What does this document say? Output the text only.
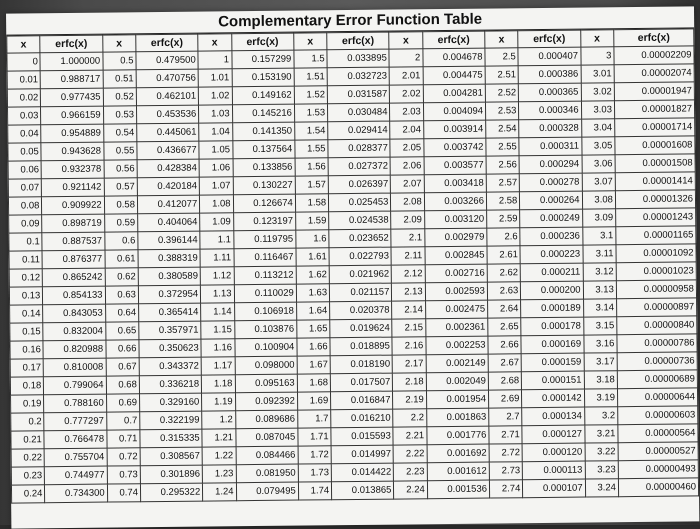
Complementary Error Function Table
x	erfc(x)	x	erfc(x)	x	erfc(x)	x	erfc(x)	x	erfc(x)	x	erfc(x)	x	erfc(x)
0	1.000000	0.5	0.479500	1	0.157299	1.5	0.033895	2	0.004678	2.5	0.000407	3	0.00002209
0.01	0.988717	0.51	0.470756	1.01	0.153190	1.51	0.032723	2.01	0.004475	2.51	0.000386	3.01	0.00002074
0.02	0.977435	0.52	0.462101	1.02	0.149162	1.52	0.031587	2.02	0.004281	2.52	0.000365	3.02	0.00001947
0.03	0.966159	0.53	0.453536	1.03	0.145216	1.53	0.030484	2.03	0.004094	2.53	0.000346	3.03	0.00001827
0.04	0.954889	0.54	0.445061	1.04	0.141350	1.54	0.029414	2.04	0.003914	2.54	0.000328	3.04	0.00001714
0.05	0.943628	0.55	0.436677	1.05	0.137564	1.55	0.028377	2.05	0.003742	2.55	0.000311	3.05	0.00001608
0.06	0.932378	0.56	0.428384	1.06	0.133856	1.56	0.027372	2.06	0.003577	2.56	0.000294	3.06	0.00001508
0.07	0.921142	0.57	0.420184	1.07	0.130227	1.57	0.026397	2.07	0.003418	2.57	0.000278	3.07	0.00001414
0.08	0.909922	0.58	0.412077	1.08	0.126674	1.58	0.025453	2.08	0.003266	2.58	0.000264	3.08	0.00001326
0.09	0.898719	0.59	0.404064	1.09	0.123197	1.59	0.024538	2.09	0.003120	2.59	0.000249	3.09	0.00001243
0.1	0.887537	0.6	0.396144	1.1	0.119795	1.6	0.023652	2.1	0.002979	2.6	0.000236	3.1	0.00001165
0.11	0.876377	0.61	0.388319	1.11	0.116467	1.61	0.022793	2.11	0.002845	2.61	0.000223	3.11	0.00001092
0.12	0.865242	0.62	0.380589	1.12	0.113212	1.62	0.021962	2.12	0.002716	2.62	0.000211	3.12	0.00001023
0.13	0.854133	0.63	0.372954	1.13	0.110029	1.63	0.021157	2.13	0.002593	2.63	0.000200	3.13	0.00000958
0.14	0.843053	0.64	0.365414	1.14	0.106918	1.64	0.020378	2.14	0.002475	2.64	0.000189	3.14	0.00000897
0.15	0.832004	0.65	0.357971	1.15	0.103876	1.65	0.019624	2.15	0.002361	2.65	0.000178	3.15	0.00000840
0.16	0.820988	0.66	0.350623	1.16	0.100904	1.66	0.018895	2.16	0.002253	2.66	0.000169	3.16	0.00000786
0.17	0.810008	0.67	0.343372	1.17	0.098000	1.67	0.018190	2.17	0.002149	2.67	0.000159	3.17	0.00000736
0.18	0.799064	0.68	0.336218	1.18	0.095163	1.68	0.017507	2.18	0.002049	2.68	0.000151	3.18	0.00000689
0.19	0.788160	0.69	0.329160	1.19	0.092392	1.69	0.016847	2.19	0.001954	2.69	0.000142	3.19	0.00000644
0.2	0.777297	0.7	0.322199	1.2	0.089686	1.7	0.016210	2.2	0.001863	2.7	0.000134	3.2	0.00000603
0.21	0.766478	0.71	0.315335	1.21	0.087045	1.71	0.015593	2.21	0.001776	2.71	0.000127	3.21	0.00000564
0.22	0.755704	0.72	0.308567	1.22	0.084466	1.72	0.014997	2.22	0.001692	2.72	0.000120	3.22	0.00000527
0.23	0.744977	0.73	0.301896	1.23	0.081950	1.73	0.014422	2.23	0.001612	2.73	0.000113	3.23	0.00000493
0.24	0.734300	0.74	0.295322	1.24	0.079495	1.74	0.013865	2.24	0.001536	2.74	0.000107	3.24	0.00000460
